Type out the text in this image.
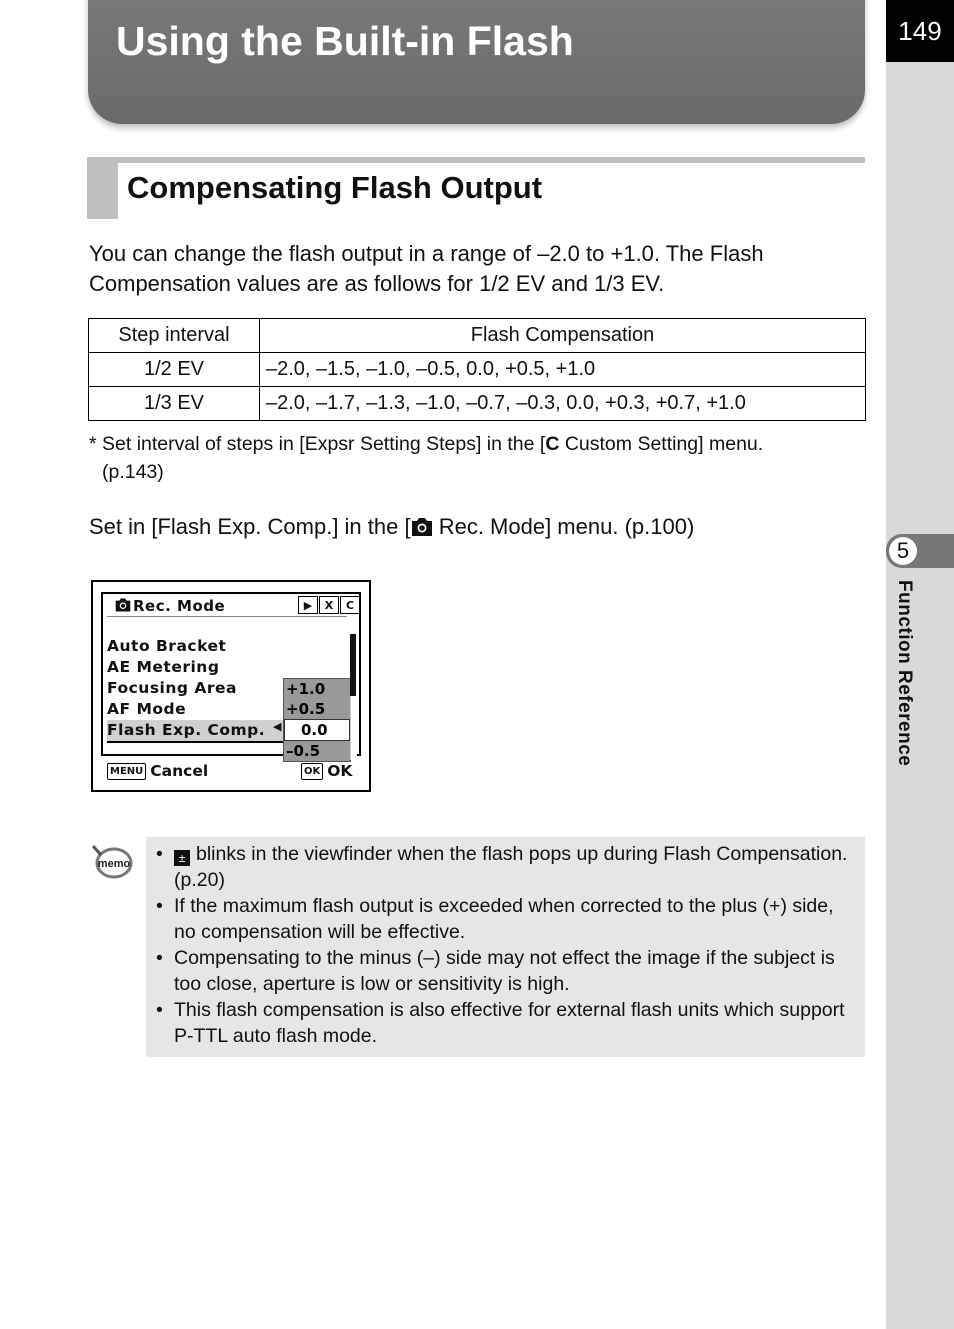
149
5
Function Reference
Using the Built-in Flash
Compensating Flash Output
You can change the flash output in a range of –2.0 to +1.0. The Flash Compensation values are as follows for 1/2 EV and 1/3 EV.
Step interval	Flash Compensation
1/2 EV	–2.0, –1.5, –1.0, –0.5, 0.0, +0.5, +1.0
1/3 EV	–2.0, –1.7, –1.3, –1.0, –0.7, –0.3, 0.0, +0.3, +0.7, +1.0
* Set interval of steps in [Expsr Setting Steps] in the [C Custom Setting] menu.
(p.143)
Set in [Flash Exp. Comp.] in the [ Rec. Mode] menu. (p.100)
Rec. Mode	▶	X	C
Auto Bracket
AE Metering
Focusing Area
AF Mode
Flash Exp. Comp. ◀
+1.0
+0.5
0.0
–0.5
MENU Cancel	OK OK
memo • ± blinks in the viewfinder when the flash pops up during Flash Compensation. (p.20)
• If the maximum flash output is exceeded when corrected to the plus (+) side, no compensation will be effective.
• Compensating to the minus (–) side may not effect the image if the subject is too close, aperture is low or sensitivity is high.
• This flash compensation is also effective for external flash units which support P-TTL auto flash mode.
